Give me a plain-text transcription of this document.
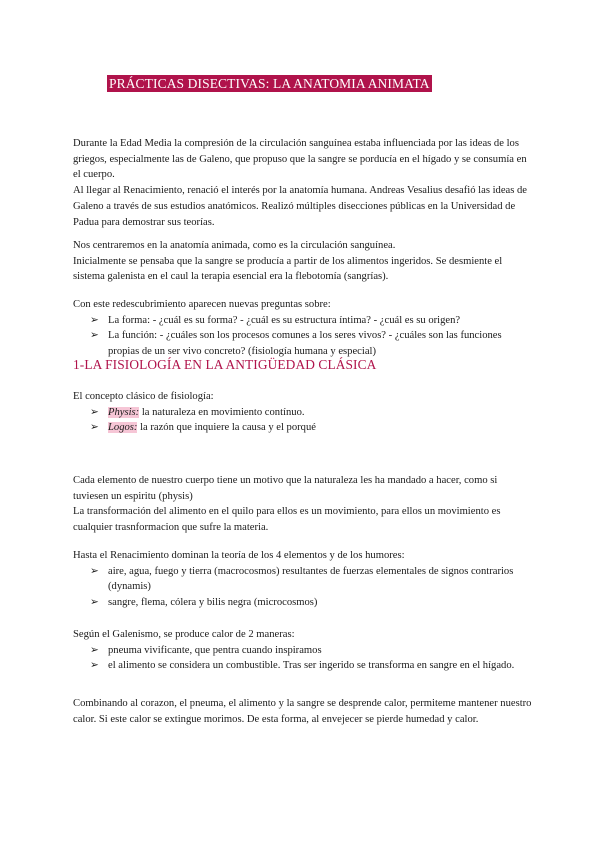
PRÁCTICAS DISECTIVAS: LA ANATOMIA ANIMATA

Durante la Edad Media la compresión de la circulación sanguínea estaba influenciada por las ideas de los griegos, especialmente las de Galeno, que propuso que la sangre se porducía en el hígado y se consumía en el cuerpo.

Al llegar al Renacimiento, renació el interés por la anatomía humana. Andreas Vesalius desafió las ideas de Galeno a través de sus estudios anatómicos. Realizó múltiples disecciones públicas en la Universidad de Padua para demostrar sus teorías.

Nos centraremos en la anatomía animada, como es la circulación sanguínea.

Inicialmente se pensaba que la sangre se producía a partir de los alimentos ingeridos. Se desmiente el sistema galenista en el caul la terapia esencial era la flebotomía (sangrías).

Con este redescubrimiento aparecen nuevas preguntas sobre:

➢ La forma: - ¿cuál es su forma? - ¿cuál es su estructura íntima? - ¿cuál es su origen?
➢ La función: - ¿cuáles son los procesos comunes a los seres vivos? - ¿cuáles son las funciones propias de un ser vivo concreto? (fisiología humana y especial)
1-LA FISIOLOGÍA EN LA ANTIGÜEDAD CLÁSICA

El concepto clásico de fisiología:

➢ Physis: la naturaleza en movimiento contínuo.
➢ Logos: la razón que inquiere la causa y el porqué

Cada elemento de nuestro cuerpo tiene un motivo que la naturaleza les ha mandado a hacer, como si tuviesen un espiritu (physis)

La transformación del alimento en el quilo para ellos es un movimiento, para ellos un movimiento es cualquier trasnformacion que sufre la materia.

Hasta el Renacimiento dominan la teoría de los 4 elementos y de los humores:

➢ aire, agua, fuego y tierra (macrocosmos) resultantes de fuerzas elementales de signos contrarios (dynamis)
➢ sangre, flema, cólera y bilis negra (microcosmos)

Según el Galenismo, se produce calor de 2 maneras:

➢ pneuma vivificante, que pentra cuando inspiramos
➢ el alimento se considera un combustible. Tras ser ingerido se transforma en sangre en el hígado.

Combinando al corazon, el pneuma, el alimento y la sangre se desprende calor, permiteme mantener nuestro calor. Si este calor se extingue morimos. De esta forma, al envejecer se pierde humedad y calor.
